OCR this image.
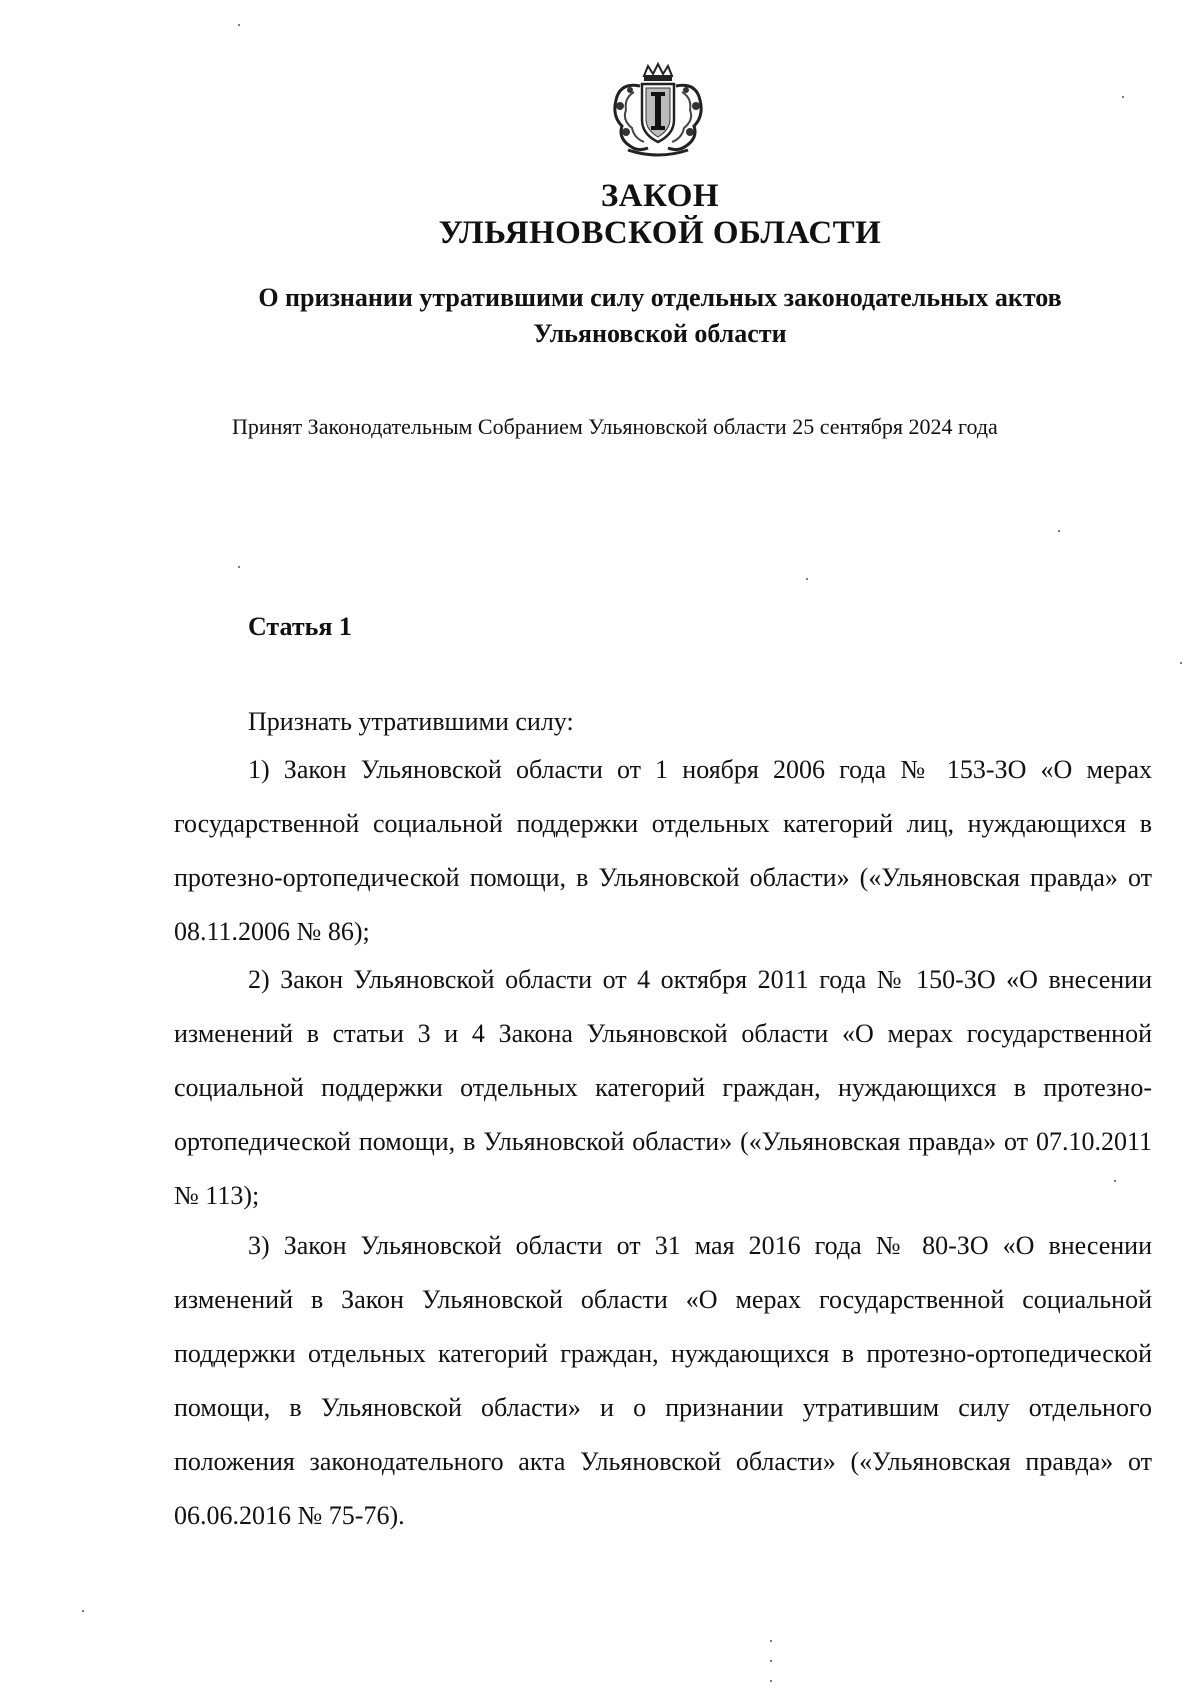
ЗАКОН
УЛЬЯНОВСКОЙ ОБЛАСТИ
О признании утратившими силу отдельных законодательных актов
Ульяновской области
Принят Законодательным Собранием Ульяновской области 25 сентября 2024 года
Статья 1
Признать утратившими силу:

1) Закон Ульяновской области от 1 ноября 2006 года № 153-ЗО «О мерах государственной социальной поддержки отдельных категорий лиц, нуждающихся в протезно-ортопедической помощи, в Ульяновской области» («Ульяновская правда» от 08.11.2006 № 86);

2) Закон Ульяновской области от 4 октября 2011 года № 150-ЗО «О внесении изменений в статьи 3 и 4 Закона Ульяновской области «О мерах государственной социальной поддержки отдельных категорий граждан, нуждающихся в протезно-ортопедической помощи, в Ульяновской области» («Ульяновская правда» от 07.10.2011 № 113);

3) Закон Ульяновской области от 31 мая 2016 года № 80-ЗО «О внесении изменений в Закон Ульяновской области «О мерах государственной социальной поддержки отдельных категорий граждан, нуждающихся в протезно-ортопедической помощи, в Ульяновской области» и о признании утратившим силу отдельного положения законодательного акта Ульяновской области» («Ульяновская правда» от 06.06.2016 № 75-76).
